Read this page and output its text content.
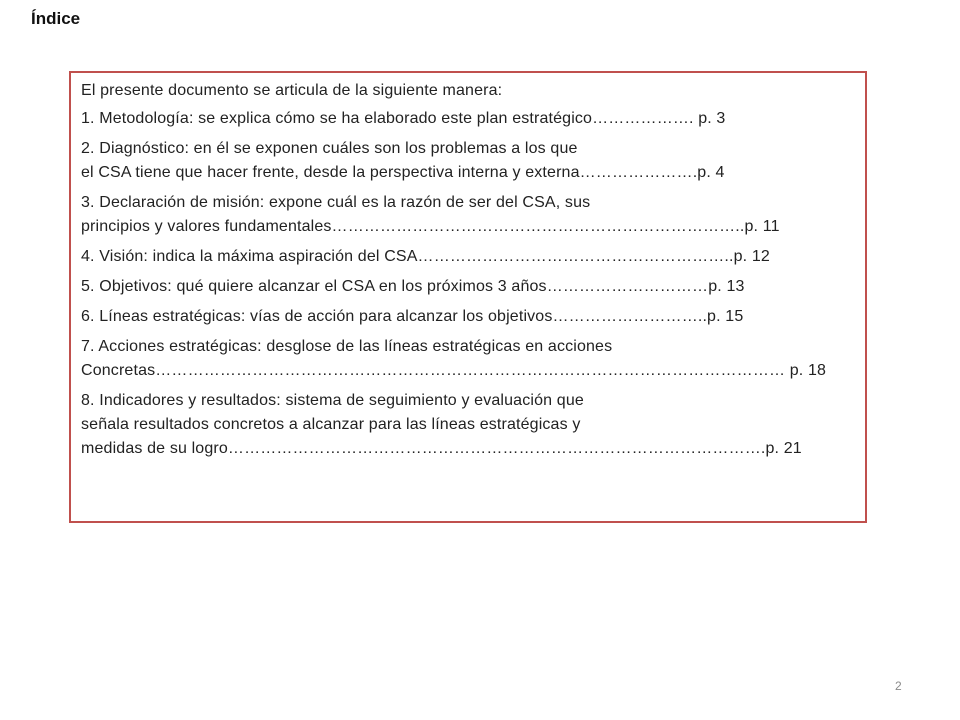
Índice
El presente documento se articula de la siguiente manera:
1. Metodología: se explica cómo se ha elaborado este plan estratégico………………. p. 3
2. Diagnóstico: en él se exponen cuáles son los problemas a los que
el CSA tiene que hacer frente, desde la perspectiva interna y externa………………….p. 4
3. Declaración de misión: expone cuál es la razón de ser del CSA, sus
principios y valores fundamentales…………………………………………………………………..p. 11
4. Visión: indica la máxima aspiración del CSA…………………………………………………..p. 12
5. Objetivos: qué quiere alcanzar el CSA en los próximos 3 años…………………………p. 13
6. Líneas estratégicas: vías de acción para alcanzar los objetivos………………………..p. 15
7. Acciones estratégicas: desglose de las líneas estratégicas en acciones
Concretas……………………………………………………………………………………………………… p. 18
8. Indicadores y resultados: sistema de seguimiento y evaluación que
señala resultados concretos a alcanzar para las líneas estratégicas y
medidas de su logro……………………………………………………………………………………….p. 21
2
